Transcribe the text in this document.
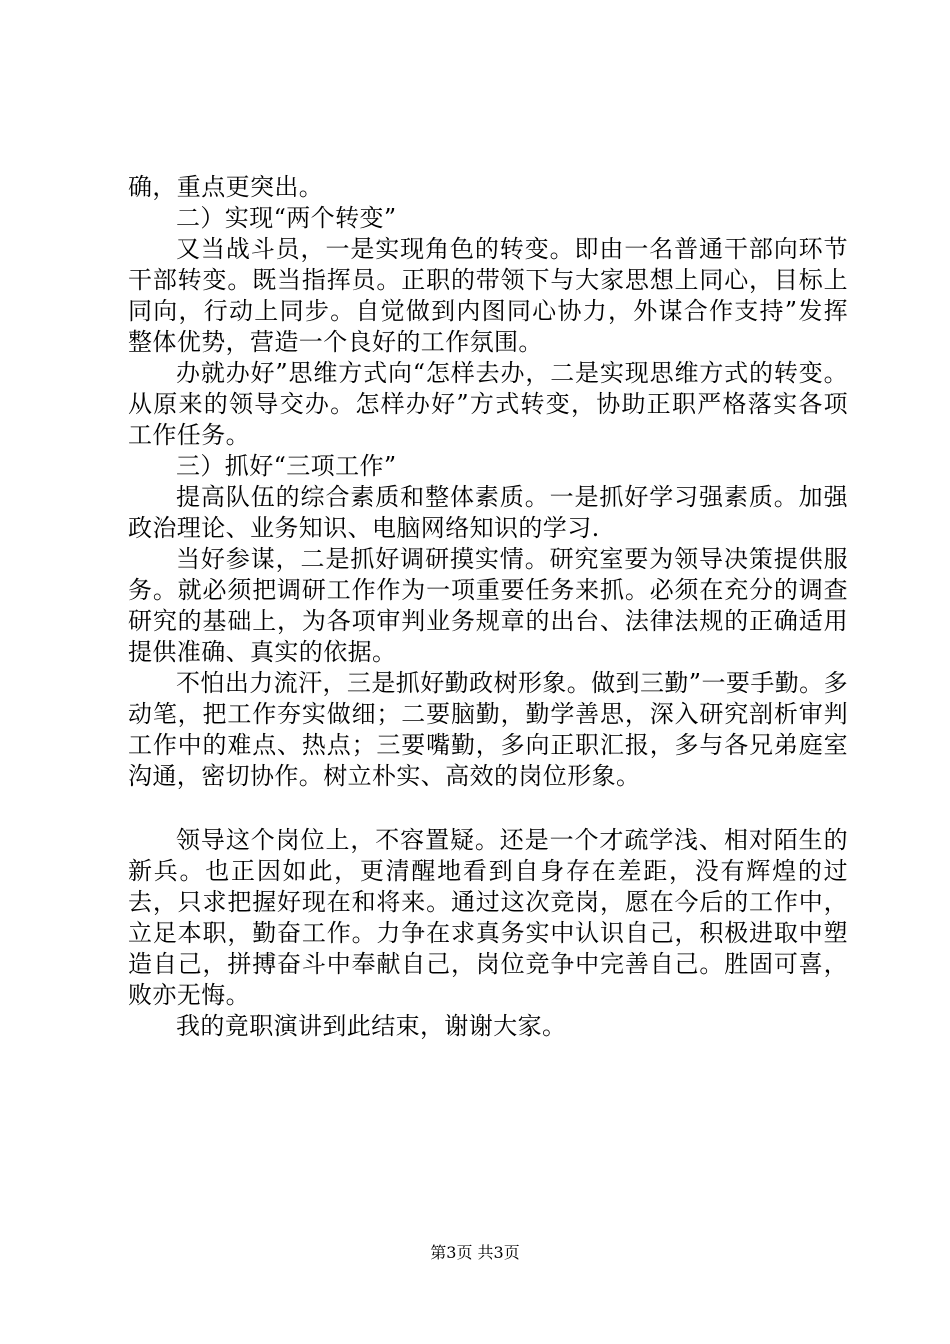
确，重点更突出。

二）实现“两个转变”

又当战斗员，一是实现角色的转变。即由一名普通干部向环节干部转变。既当指挥员。正职的带领下与大家思想上同心，目标上同向，行动上同步。自觉做到内图同心协力，外谋合作支持”发挥整体优势，营造一个良好的工作氛围。

办就办好”思维方式向“怎样去办，二是实现思维方式的转变。从原来的领导交办。怎样办好”方式转变，协助正职严格落实各项工作任务。

三）抓好“三项工作”

提高队伍的综合素质和整体素质。一是抓好学习强素质。加强政治理论、业务知识、电脑网络知识的学习.

当好参谋，二是抓好调研摸实情。研究室要为领导决策提供服务。就必须把调研工作作为一项重要任务来抓。必须在充分的调查研究的基础上，为各项审判业务规章的出台、法律法规的正确适用提供准确、真实的依据。

不怕出力流汗，三是抓好勤政树形象。做到三勤”一要手勤。多动笔，把工作夯实做细；二要脑勤，勤学善思，深入研究剖析审判工作中的难点、热点；三要嘴勤，多向正职汇报，多与各兄弟庭室沟通，密切协作。树立朴实、高效的岗位形象。

领导这个岗位上，不容置疑。还是一个才疏学浅、相对陌生的新兵。也正因如此，更清醒地看到自身存在差距，没有辉煌的过去，只求把握好现在和将来。通过这次竞岗，愿在今后的工作中，立足本职，勤奋工作。力争在求真务实中认识自己，积极进取中塑造自己，拼搏奋斗中奉献自己，岗位竞争中完善自己。胜固可喜，败亦无悔。

我的竟职演讲到此结束，谢谢大家。

第3页 共3页
